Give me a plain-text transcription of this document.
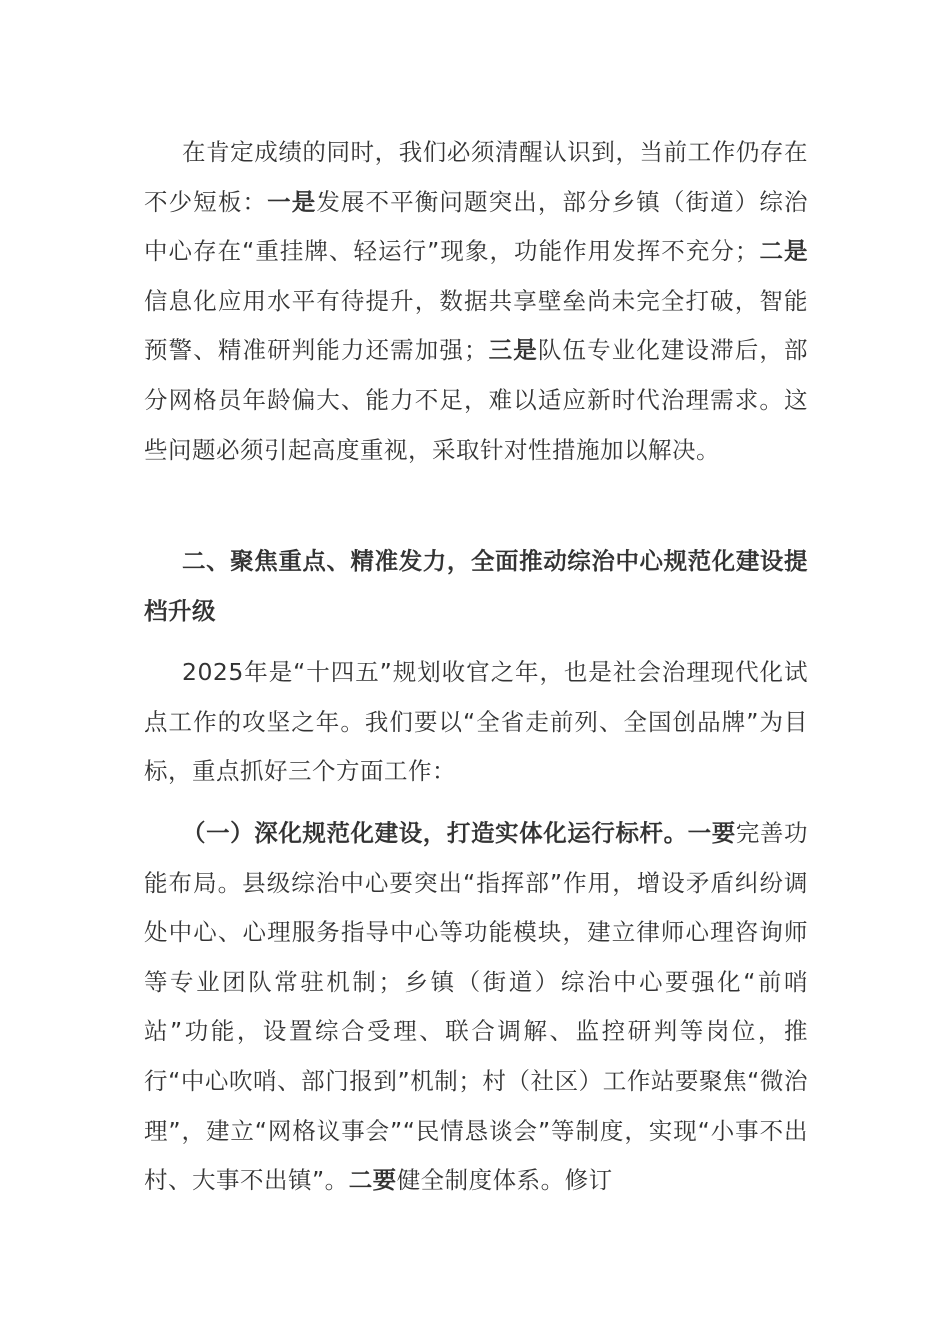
在肯定成绩的同时，我们必须清醒认识到，当前工作仍存在不少短板：一是发展不平衡问题突出，部分乡镇（街道）综治中心存在“重挂牌、轻运行”现象，功能作用发挥不充分；二是信息化应用水平有待提升，数据共享壁垒尚未完全打破，智能预警、精准研判能力还需加强；三是队伍专业化建设滞后，部分网格员年龄偏大、能力不足，难以适应新时代治理需求。这些问题必须引起高度重视，采取针对性措施加以解决。

二、聚焦重点、精准发力，全面推动综治中心规范化建设提档升级

2025年是“十四五”规划收官之年，也是社会治理现代化试点工作的攻坚之年。我们要以“全省走前列、全国创品牌”为目标，重点抓好三个方面工作：

（一）深化规范化建设，打造实体化运行标杆。一要完善功能布局。县级综治中心要突出“指挥部”作用，增设矛盾纠纷调处中心、心理服务指导中心等功能模块，建立律师心理咨询师等专业团队常驻机制；乡镇（街道）综治中心要强化“前哨站”功能，设置综合受理、联合调解、监控研判等岗位，推行“中心吹哨、部门报到”机制；村（社区）工作站要聚焦“微治理”，建立“网格议事会”“民情恳谈会”等制度，实现“小事不出村、大事不出镇”。二要健全制度体系。修订
